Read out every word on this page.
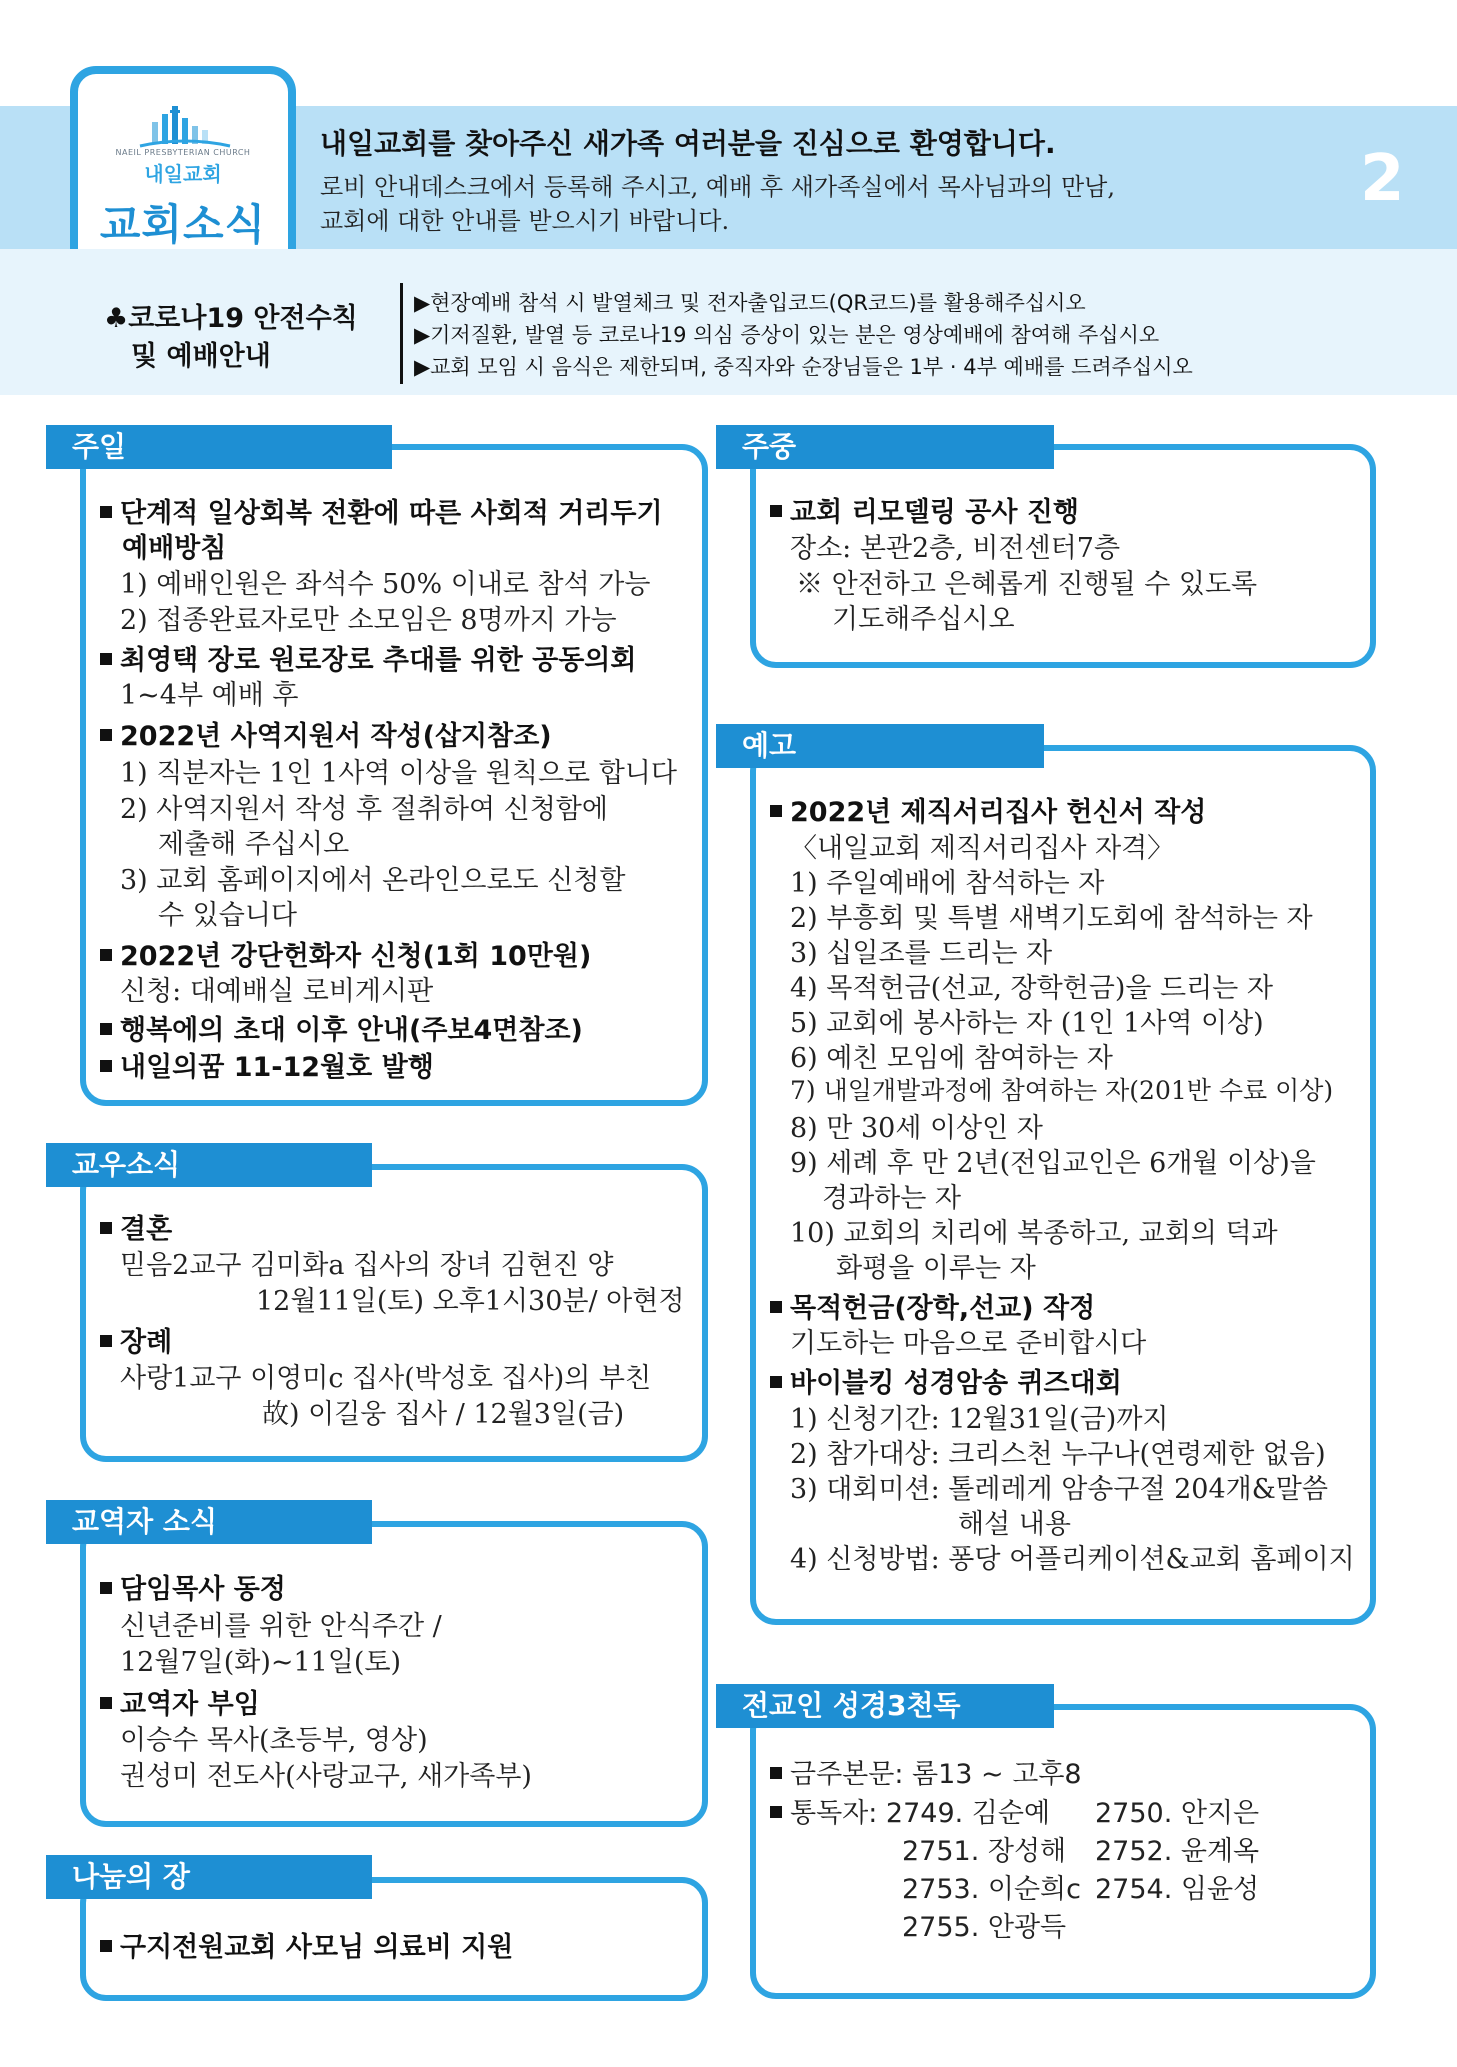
NAEIL PRESBYTERIAN CHURCH
내일교회
교회소식
내일교회를 찾아주신 새가족 여러분을 진심으로 환영합니다.
로비 안내데스크에서 등록해 주시고, 예배 후 새가족실에서 목사님과의 만남,
교회에 대한 안내를 받으시기 바랍니다.
2
♣코로나19 안전수칙
및 예배안내
▶현장예배 참석 시 발열체크 및 전자출입코드(QR코드)를 활용해주십시오
▶기저질환, 발열 등 코로나19 의심 증상이 있는 분은 영상예배에 참여해 주십시오
▶교회 모임 시 음식은 제한되며, 중직자와 순장님들은 1부 · 4부 예배를 드려주십시오
주일
단계적 일상회복 전환에 따른 사회적 거리두기
예배방침
1) 예배인원은 좌석수 50% 이내로 참석 가능
2) 접종완료자로만 소모임은 8명까지 가능
최영택 장로 원로장로 추대를 위한 공동의회
1~4부 예배 후
2022년 사역지원서 작성(삽지참조)
1) 직분자는 1인 1사역 이상을 원칙으로 합니다
2) 사역지원서 작성 후 절취하여 신청함에
제출해 주십시오
3) 교회 홈페이지에서 온라인으로도 신청할
수 있습니다
2022년 강단헌화자 신청(1회 10만원)
신청: 대예배실 로비게시판
행복에의 초대 이후 안내(주보4면참조)
내일의꿈 11-12월호 발행
교우소식
결혼
믿음2교구 김미화a 집사의 장녀 김현진 양
12월11일(토) 오후1시30분/ 아현정
장례
사랑1교구 이영미c 집사(박성호 집사)의 부친
故) 이길웅 집사 / 12월3일(금)
교역자 소식
담임목사 동정
신년준비를 위한 안식주간 /
12월7일(화)~11일(토)
교역자 부임
이승수 목사(초등부, 영상)
권성미 전도사(사랑교구, 새가족부)
나눔의 장
구지전원교회 사모님 의료비 지원
주중
교회 리모델링 공사 진행
장소: 본관2층, 비전센터7층
※ 안전하고 은혜롭게 진행될 수 있도록
기도해주십시오
예고
2022년 제직서리집사 헌신서 작성
〈내일교회 제직서리집사 자격〉
1) 주일예배에 참석하는 자
2) 부흥회 및 특별 새벽기도회에 참석하는 자
3) 십일조를 드리는 자
4) 목적헌금(선교, 장학헌금)을 드리는 자
5) 교회에 봉사하는 자 (1인 1사역 이상)
6) 예친 모임에 참여하는 자
7) 내일개발과정에 참여하는 자(201반 수료 이상)
8) 만 30세 이상인 자
9) 세례 후 만 2년(전입교인은 6개월 이상)을
경과하는 자
10) 교회의 치리에 복종하고, 교회의 덕과
화평을 이루는 자
목적헌금(장학,선교) 작정
기도하는 마음으로 준비합시다
바이블킹 성경암송 퀴즈대회
1) 신청기간: 12월31일(금)까지
2) 참가대상: 크리스천 누구나(연령제한 없음)
3) 대회미션: 톨레레게 암송구절 204개&말씀
해설 내용
4) 신청방법: 퐁당 어플리케이션&교회 홈페이지
전교인 성경3천독
금주본문: 롬13 ~ 고후8
통독자: 2749. 김순예 2750. 안지은
2751. 장성해 2752. 윤계옥
2753. 이순희c 2754. 임윤성
2755. 안광득
